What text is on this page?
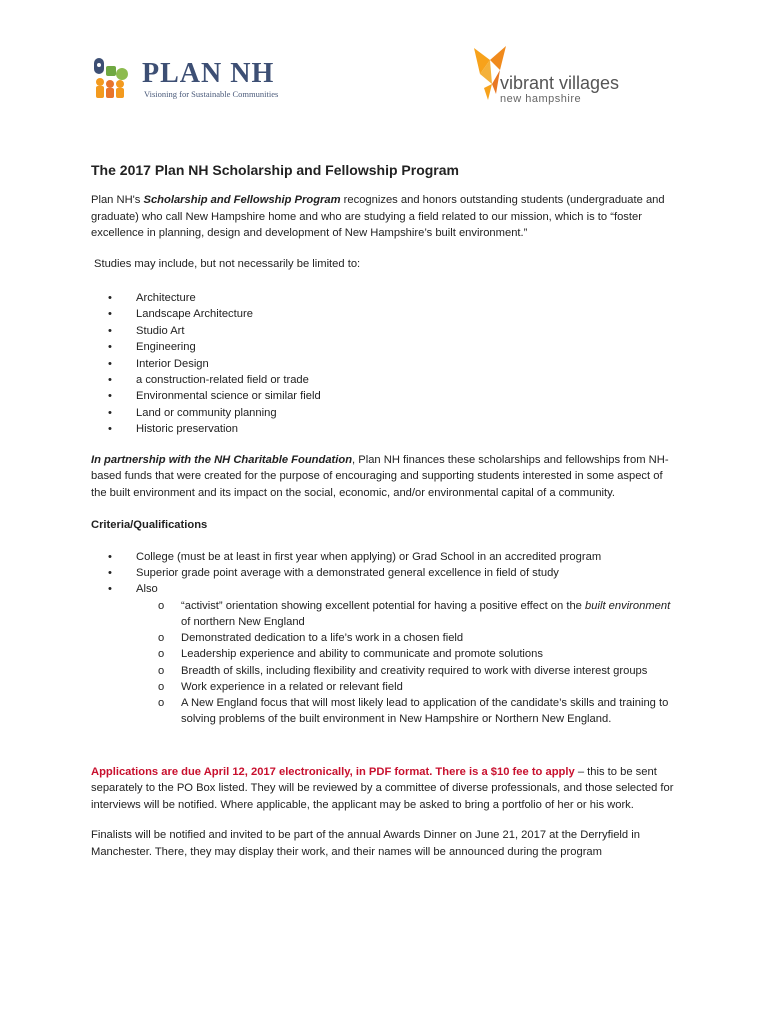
PLAN NH
Visioning for Sustainable Communities
vibrant villages
new hampshire
The 2017 Plan NH Scholarship and Fellowship Program

Plan NH's Scholarship and Fellowship Program recognizes and honors outstanding students (undergraduate and graduate) who call New Hampshire home and who are studying a field related to our mission, which is to “foster excellence in planning, design and development of New Hampshire’s built environment.”

Studies may include, but not necessarily be limited to:

• Architecture
• Landscape Architecture
• Studio Art
• Engineering
• Interior Design
• a construction-related field or trade
• Environmental science or similar field
• Land or community planning
• Historic preservation

In partnership with the NH Charitable Foundation, Plan NH finances these scholarships and fellowships from NH-based funds that were created for the purpose of encouraging and supporting students interested in some aspect of the built environment and its impact on the social, economic, and/or environmental capital of a community.

Criteria/Qualifications

• College (must be at least in first year when applying) or Grad School in an accredited program
• Superior grade point average with a demonstrated general excellence in field of study
• Also
o “activist” orientation showing excellent potential for having a positive effect on the built environment of northern New England
o Demonstrated dedication to a life’s work in a chosen field
o Leadership experience and ability to communicate and promote solutions
o Breadth of skills, including flexibility and creativity required to work with diverse interest groups
o Work experience in a related or relevant field
o A New England focus that will most likely lead to application of the candidate’s skills and training to solving problems of the built environment in New Hampshire or Northern New England.

Applications are due April 12, 2017 electronically, in PDF format. There is a $10 fee to apply – this to be sent separately to the PO Box listed. They will be reviewed by a committee of diverse professionals, and those selected for interviews will be notified. Where applicable, the applicant may be asked to bring a portfolio of her or his work.

Finalists will be notified and invited to be part of the annual Awards Dinner on June 21, 2017 at the Derryfield in Manchester. There, they may display their work, and their names will be announced during the program
